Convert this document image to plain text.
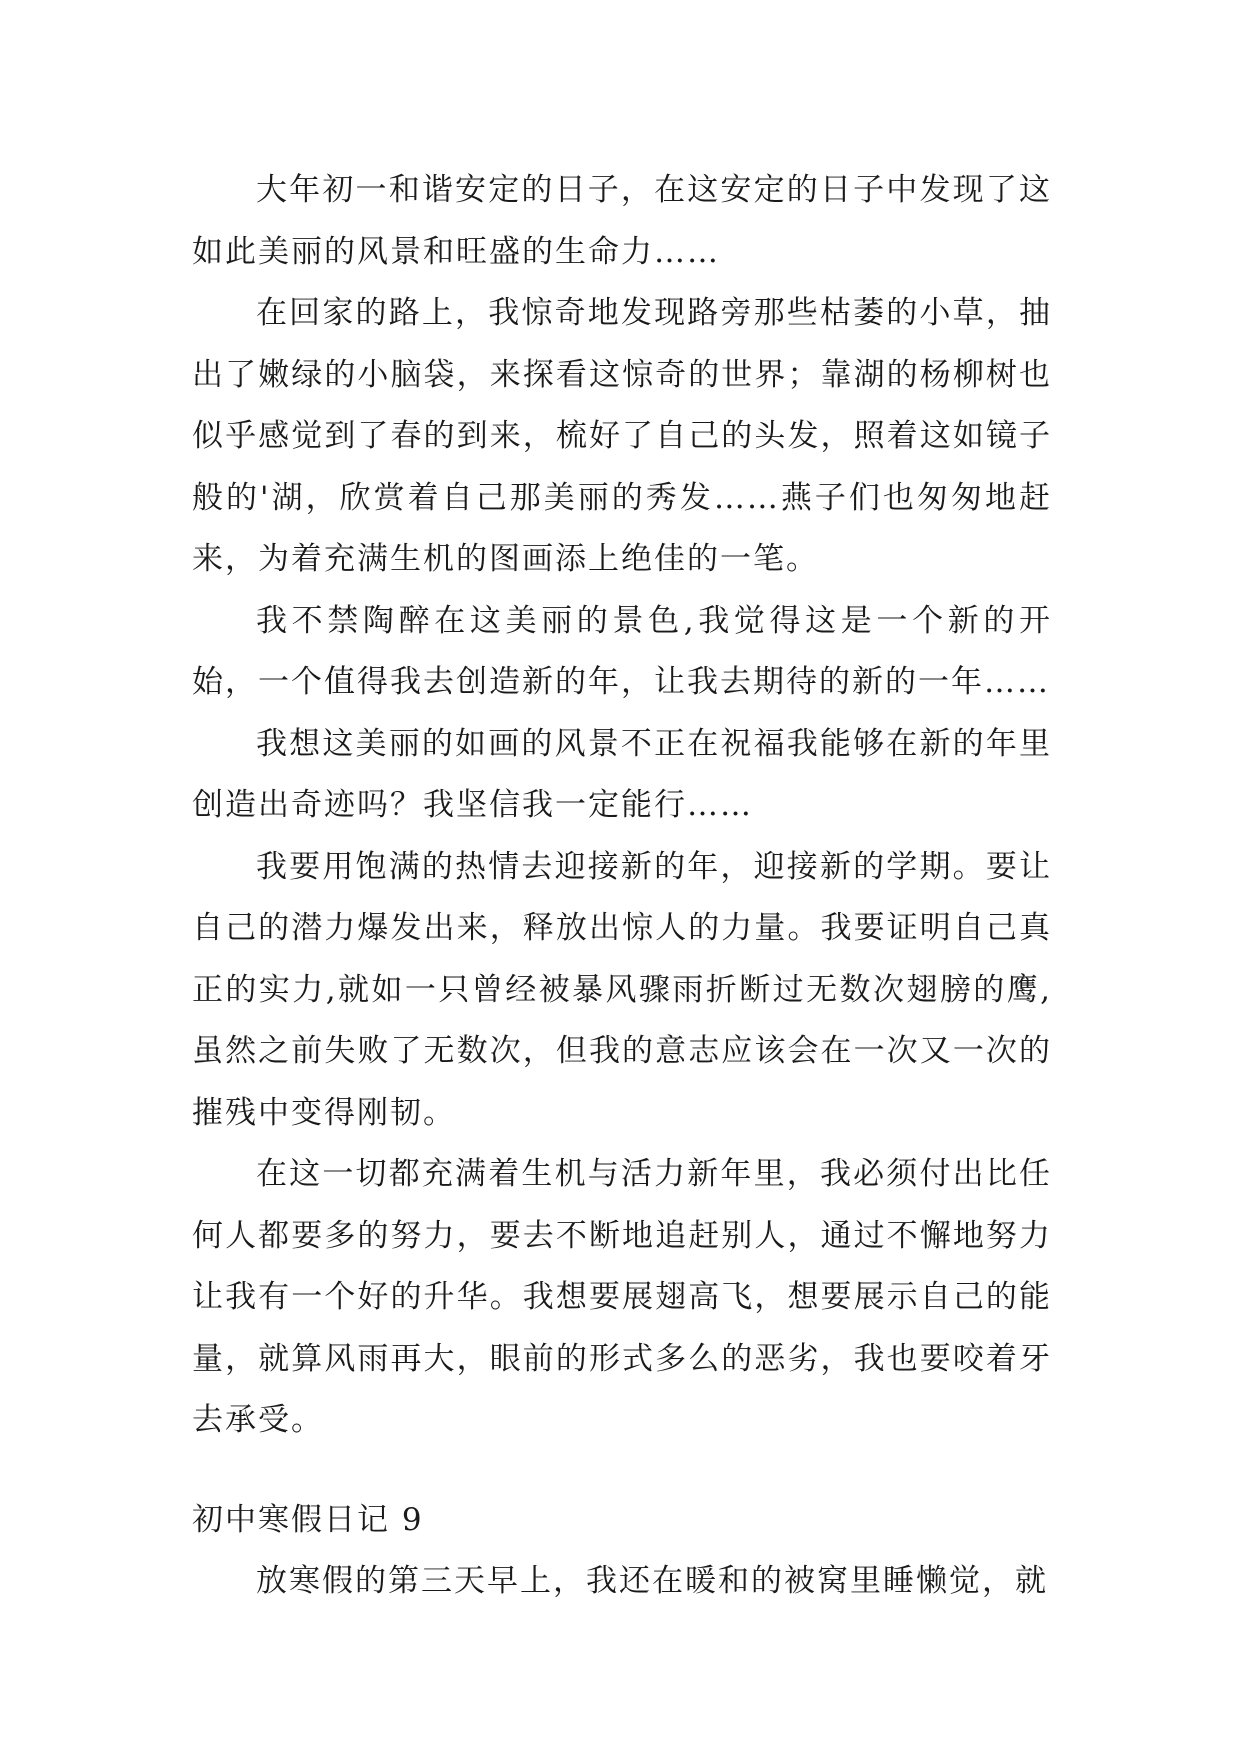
大年初一和谐安定的日子，在这安定的日子中发现了这如此美丽的风景和旺盛的生命力……

在回家的路上，我惊奇地发现路旁那些枯萎的小草，抽出了嫩绿的小脑袋，来探看这惊奇的世界；靠湖的杨柳树也似乎感觉到了春的到来，梳好了自己的头发，照着这如镜子般的'湖，欣赏着自己那美丽的秀发……燕子们也匆匆地赶来，为着充满生机的图画添上绝佳的一笔。

我不禁陶醉在这美丽的景色,我觉得这是一个新的开始，一个值得我去创造新的年，让我去期待的新的一年……

我想这美丽的如画的风景不正在祝福我能够在新的年里创造出奇迹吗？我坚信我一定能行……

我要用饱满的热情去迎接新的年，迎接新的学期。要让自己的潜力爆发出来，释放出惊人的力量。我要证明自己真正的实力,就如一只曾经被暴风骤雨折断过无数次翅膀的鹰,虽然之前失败了无数次，但我的意志应该会在一次又一次的摧残中变得刚韧。

在这一切都充满着生机与活力新年里，我必须付出比任何人都要多的努力，要去不断地追赶别人，通过不懈地努力让我有一个好的升华。我想要展翅高飞，想要展示自己的能量，就算风雨再大，眼前的形式多么的恶劣，我也要咬着牙去承受。

初中寒假日记 9

放寒假的第三天早上，我还在暖和的被窝里睡懒觉，就
